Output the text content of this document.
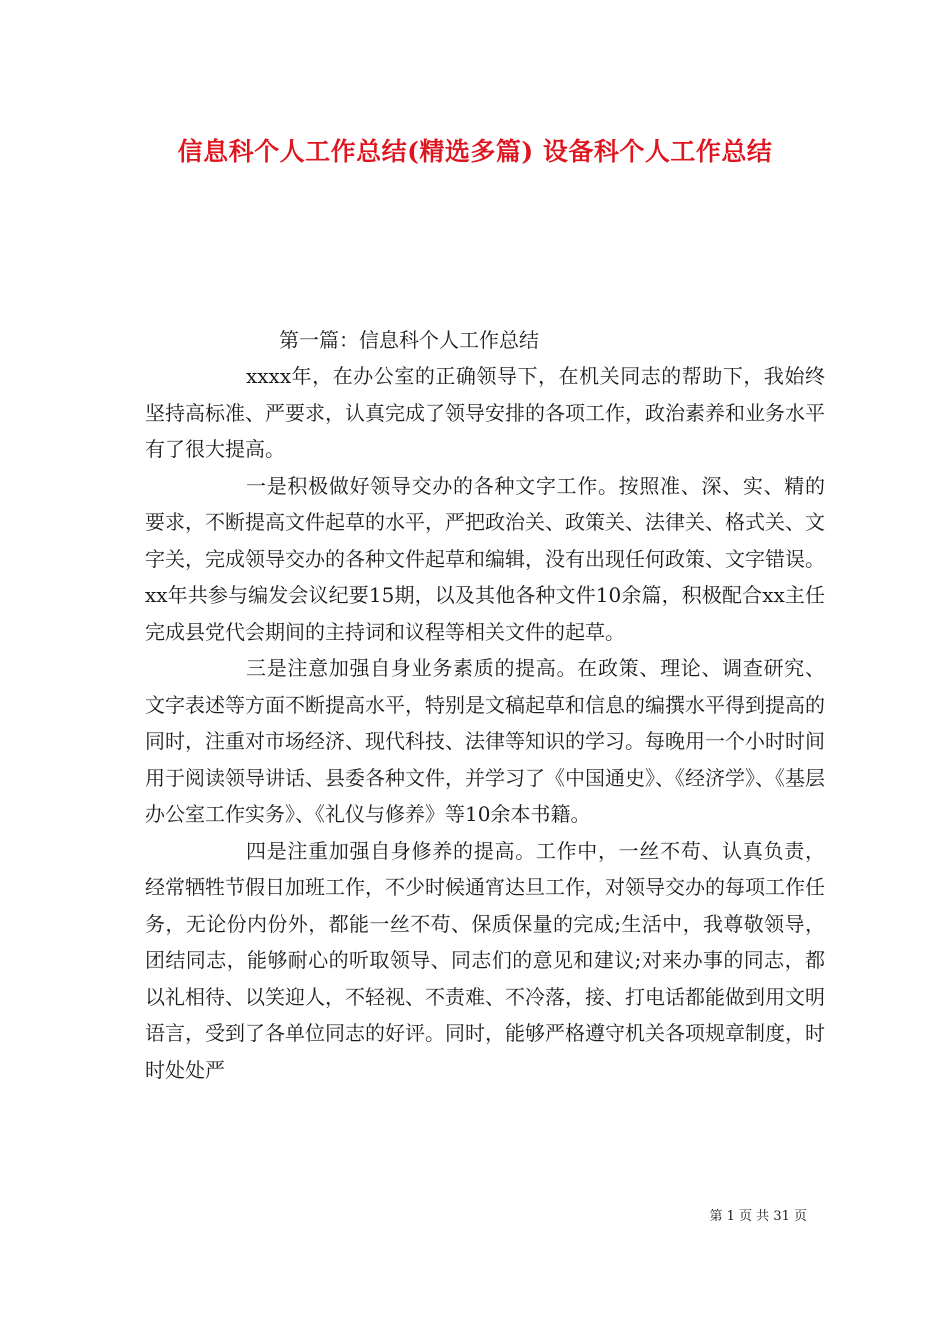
信息科个人工作总结(精选多篇) 设备科个人工作总结

第一篇：信息科个人工作总结

xxxx年，在办公室的正确领导下，在机关同志的帮助下，我始终坚持高标准、严要求，认真完成了领导安排的各项工作，政治素养和业务水平有了很大提高。

一是积极做好领导交办的各种文字工作。按照准、深、实、精的要求，不断提高文件起草的水平，严把政治关、政策关、法律关、格式关、文字关，完成领导交办的各种文件起草和编辑，没有出现任何政策、文字错误。xx年共参与编发会议纪要15期，以及其他各种文件10余篇，积极配合xx主任完成县党代会期间的主持词和议程等相关文件的起草。

三是注意加强自身业务素质的提高。在政策、理论、调查研究、文字表述等方面不断提高水平，特别是文稿起草和信息的编撰水平得到提高的同时，注重对市场经济、现代科技、法律等知识的学习。每晚用一个小时时间用于阅读领导讲话、县委各种文件，并学习了《中国通史》、《经济学》、《基层办公室工作实务》、《礼仪与修养》等10余本书籍。

四是注重加强自身修养的提高。工作中，一丝不苟、认真负责，经常牺牲节假日加班工作，不少时候通宵达旦工作，对领导交办的每项工作任务，无论份内份外，都能一丝不苟、保质保量的完成;生活中，我尊敬领导，团结同志，能够耐心的听取领导、同志们的意见和建议;对来办事的同志，都以礼相待、以笑迎人，不轻视、不责难、不冷落，接、打电话都能做到用文明语言，受到了各单位同志的好评。同时，能够严格遵守机关各项规章制度，时时处处严

第 1 页 共 31 页
